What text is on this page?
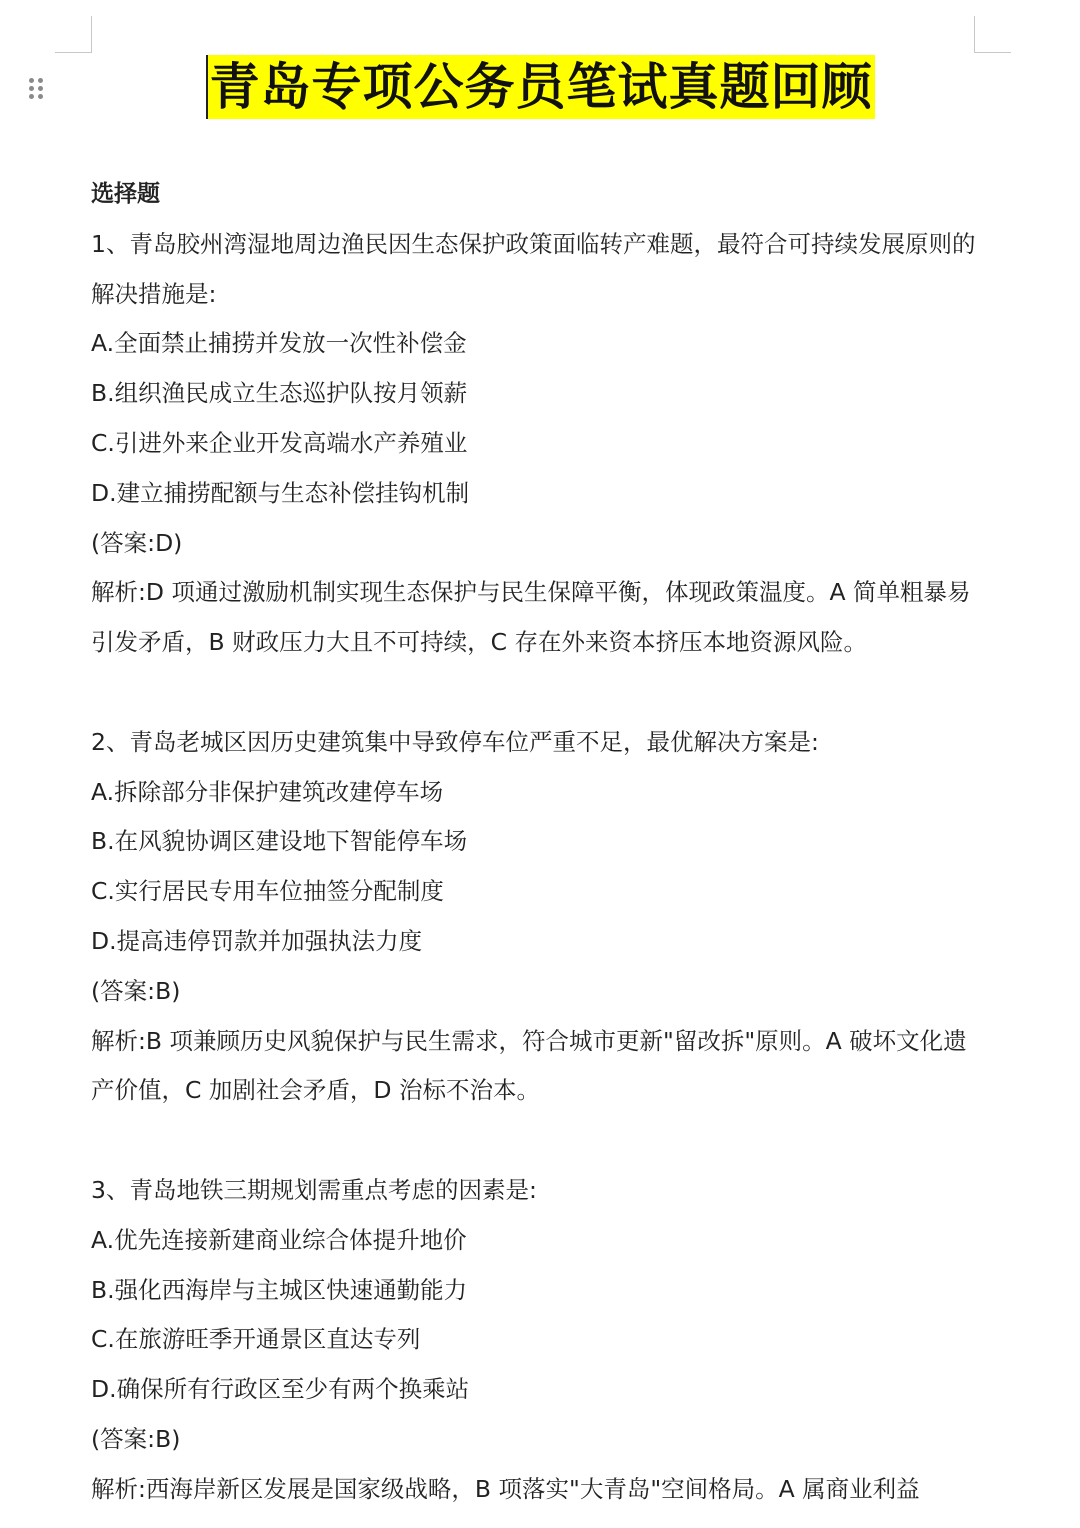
青岛专项公务员笔试真题回顾
选择题
1、青岛胶州湾湿地周边渔民因生态保护政策面临转产难题，最符合可持续发展原则的解决措施是:
A.全面禁止捕捞并发放一次性补偿金
B.组织渔民成立生态巡护队按月领薪
C.引进外来企业开发高端水产养殖业
D.建立捕捞配额与生态补偿挂钩机制
(答案:D)
解析:D 项通过激励机制实现生态保护与民生保障平衡，体现政策温度。A 简单粗暴易引发矛盾，B 财政压力大且不可持续，C 存在外来资本挤压本地资源风险。
2、青岛老城区因历史建筑集中导致停车位严重不足，最优解决方案是:
A.拆除部分非保护建筑改建停车场
B.在风貌协调区建设地下智能停车场
C.实行居民专用车位抽签分配制度
D.提高违停罚款并加强执法力度
(答案:B)
解析:B 项兼顾历史风貌保护与民生需求，符合城市更新"留改拆"原则。A 破坏文化遗产价值，C 加剧社会矛盾，D 治标不治本。
3、青岛地铁三期规划需重点考虑的因素是:
A.优先连接新建商业综合体提升地价
B.强化西海岸与主城区快速通勤能力
C.在旅游旺季开通景区直达专列
D.确保所有行政区至少有两个换乘站
(答案:B)
解析:西海岸新区发展是国家级战略，B 项落实"大青岛"空间格局。A 属商业利益
